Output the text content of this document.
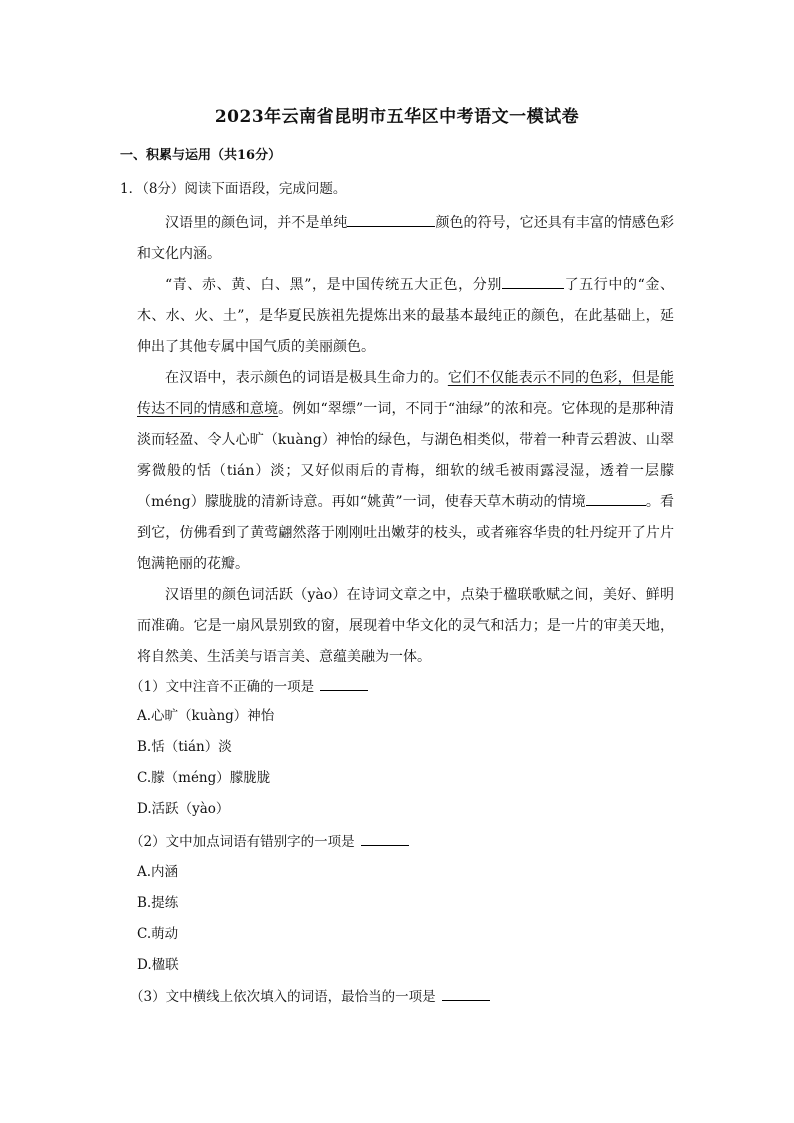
2023年云南省昆明市五华区中考语文一模试卷
一、积累与运用（共16分）
1．（8分）阅读下面语段，完成问题。

汉语里的颜色词，并不是单纯	颜色的符号，它还具有丰富的情感色彩和文化内涵。

“青、赤、黄、白、黑”，是中国传统五大正色，分别	了五行中的“金、木、水、火、土”，是华夏民族祖先提炼出来的最基本最纯正的颜色，在此基础上，延伸出了其他专属中国气质的美丽颜色。

在汉语中，表示颜色的词语是极具生命力的。它们不仅能表示不同的色彩，但是能传达不同的情感和意境。例如“翠缥”一词，不同于“油绿”的浓和亮。它体现的是那种清淡而轻盈、令人心旷（kuàng）神怡的绿色，与湖色相类似，带着一种青云碧波、山翠雾微般的恬（tián）淡；又好似雨后的青梅，细软的绒毛被雨露浸湿，透着一层朦（méng）朦胧胧的清新诗意。再如“姚黄”一词，使春天草木萌动的情境	。看到它，仿佛看到了黄莺翩然落于刚刚吐出嫩芽的枝头，或者雍容华贵的牡丹绽开了片片饱满艳丽的花瓣。

汉语里的颜色词活跃（yào）在诗词文章之中，点染于楹联歌赋之间，美好、鲜明而准确。它是一扇风景别致的窗，展现着中华文化的灵气和活力；是一片的审美天地，将自然美、生活美与语言美、意蕴美融为一体。

（1）文中注音不正确的一项是
A.心旷（kuàng）神怡
B.恬（tián）淡
C.朦（méng）朦胧胧
D.活跃（yào）
（2）文中加点词语有错别字的一项是
A.内涵
B.提练
C.萌动
D.楹联
（3）文中横线上依次填入的词语，最恰当的一项是
